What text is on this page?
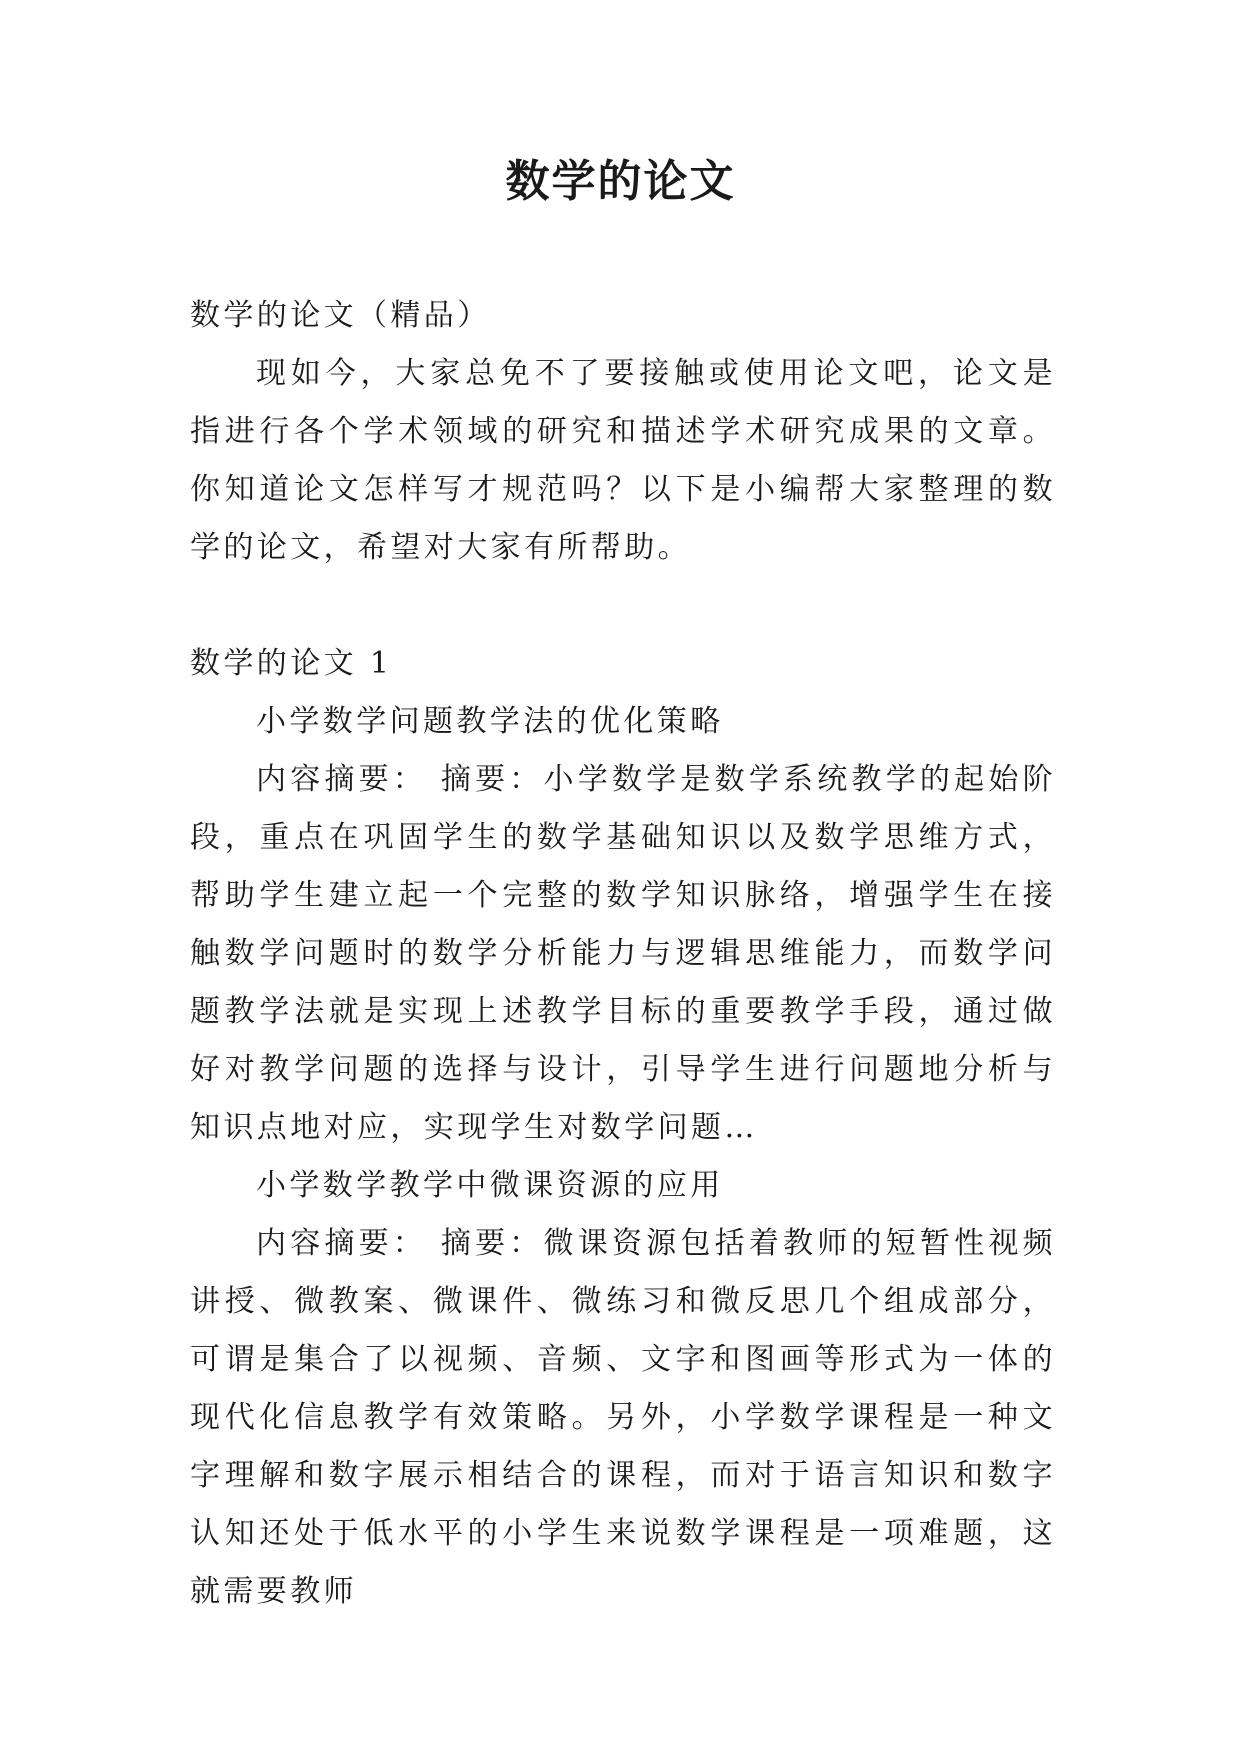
数学的论文

数学的论文（精品）

现如今，大家总免不了要接触或使用论文吧，论文是指进行各个学术领域的研究和描述学术研究成果的文章。你知道论文怎样写才规范吗？以下是小编帮大家整理的数学的论文，希望对大家有所帮助。

数学的论文 1

小学数学问题教学法的优化策略

内容摘要： 摘要：小学数学是数学系统教学的起始阶段，重点在巩固学生的数学基础知识以及数学思维方式，帮助学生建立起一个完整的数学知识脉络，增强学生在接触数学问题时的数学分析能力与逻辑思维能力，而数学问题教学法就是实现上述教学目标的重要教学手段，通过做好对教学问题的选择与设计，引导学生进行问题地分析与知识点地对应，实现学生对数学问题…

小学数学教学中微课资源的应用

内容摘要： 摘要：微课资源包括着教师的短暂性视频讲授、微教案、微课件、微练习和微反思几个组成部分，可谓是集合了以视频、音频、文字和图画等形式为一体的现代化信息教学有效策略。另外，小学数学课程是一种文字理解和数字展示相结合的课程，而对于语言知识和数字认知还处于低水平的小学生来说数学课程是一项难题，这就需要教师
